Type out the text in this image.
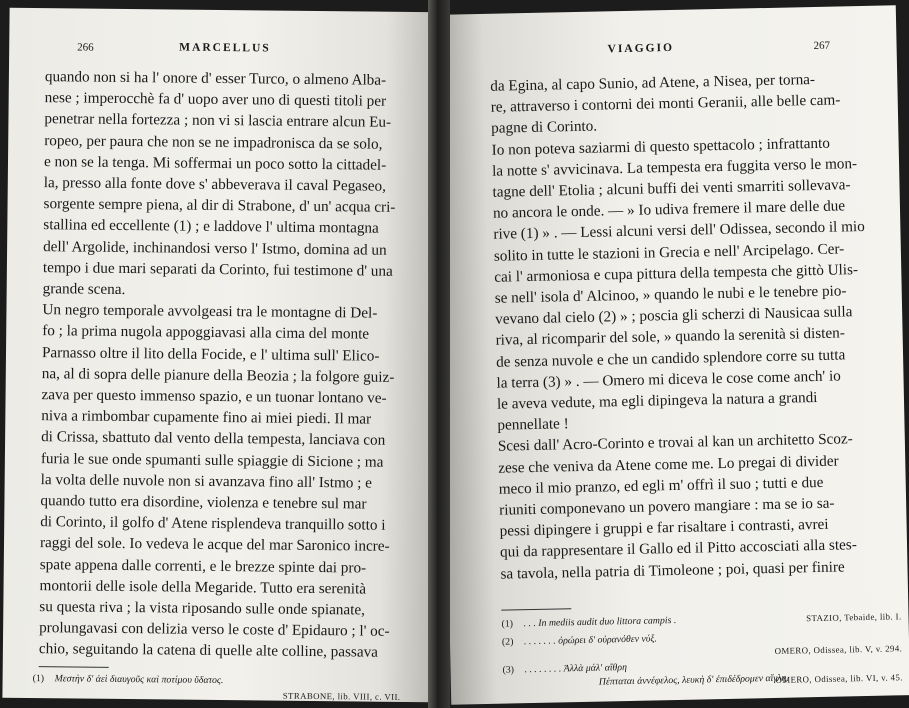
266	MARCELLUS
quando non si ha l' onore d' esser Turco, o almeno Alba-
nese ; imperocchè fa d' uopo aver uno di questi titoli per
penetrar nella fortezza ; non vi si lascia entrare alcun Eu-
ropeo, per paura che non se ne impadronisca da se solo,
e non se la tenga. Mi soffermai un poco sotto la cittadel-
la, presso alla fonte dove s' abbeverava il caval Pegaseo,
sorgente sempre piena, al dir di Strabone, d' un' acqua cri-
stallina ed eccellente (1) ; e laddove l' ultima montagna
dell' Argolide, inchinandosi verso l' Istmo, domina ad un
tempo i due mari separati da Corinto, fui testimone d' una
grande scena.
Un negro temporale avvolgeasi tra le montagne di Del-
fo ; la prima nugola appoggiavasi alla cima del monte
Parnasso oltre il lito della Focide, e l' ultima sull' Elico-
na, al di sopra delle pianure della Beozia ; la folgore guiz-
zava per questo immenso spazio, e un tuonar lontano ve-
niva a rimbombar cupamente fino ai miei piedi. Il mar
di Crissa, sbattuto dal vento della tempesta, lanciava con
furia le sue onde spumanti sulle spiaggie di Sicione ; ma
la volta delle nuvole non si avanzava fino all' Istmo ; e
quando tutto era disordine, violenza e tenebre sul mar
di Corinto, il golfo d' Atene risplendeva tranquillo sotto i
raggi del sole. Io vedeva le acque del mar Saronico incre-
spate appena dalle correnti, e le brezze spinte dai pro-
montorii delle isole della Megaride. Tutto era serenità
su questa riva ; la vista riposando sulle onde spianate,
prolungavasi con delizia verso le coste d' Epidauro ; l' oc-
chio, seguitando la catena di quelle alte colline, passava
(1) Μεστὴν δ' ἀεὶ διαυγοῦς καὶ ποτίμου ὕδατος.
STRABONE, lib. VIII, c. VII.
VIAGGIO	267
da Egina, al capo Sunio, ad Atene, a Nisea, per torna-
re, attraverso i contorni dei monti Geranii, alle belle cam-
pagne di Corinto.
Io non poteva saziarmi di questo spettacolo ; infrattanto
la notte s' avvicinava. La tempesta era fuggita verso le mon-
tagne dell' Etolia ; alcuni buffi dei venti smarriti sollevava-
no ancora le onde. — » Io udiva fremere il mare delle due
rive (1) » . — Lessi alcuni versi dell' Odissea, secondo il mio
solito in tutte le stazioni in Grecia e nell' Arcipelago. Cer-
cai l' armoniosa e cupa pittura della tempesta che gittò Ulis-
se nell' isola d' Alcinoo, » quando le nubi e le tenebre pio-
vevano dal cielo (2) » ; poscia gli scherzi di Nausicaa sulla
riva, al ricomparir del sole, » quando la serenità si disten-
de senza nuvole e che un candido splendore corre su tutta
la terra (3) » . — Omero mi diceva le cose come anch' io
le aveva vedute, ma egli dipingeva la natura a grandi
pennellate !
Scesi dall' Acro-Corinto e trovai al kan un architetto Scoz-
zese che veniva da Atene come me. Lo pregai di divider
meco il mio pranzo, ed egli m' offrì il suo ; tutti e due
riuniti componevano un povero mangiare : ma se io sa-
pessi dipingere i gruppi e far risaltare i contrasti, avrei
qui da rappresentare il Gallo ed il Pitto accosciati alla stes-
sa tavola, nella patria di Timoleone ; poi, quasi per finire
(1) . . . In mediis audit duo littora campis .	STAZIO, Tebaide, lib. I.
(2) . . . . . . . ὀρώρει δ' οὐρανόθεν νύξ.
OMERO, Odissea, lib. V, v. 294.
(3) . . . . . . . . Ἀλλὰ μάλ' αἴθρη
Πέπταται ἀννέφελος, λευκὴ δ' ἐπιδέδρομεν αἴγλη.
OMERO, Odissea, lib. VI, v. 45.
